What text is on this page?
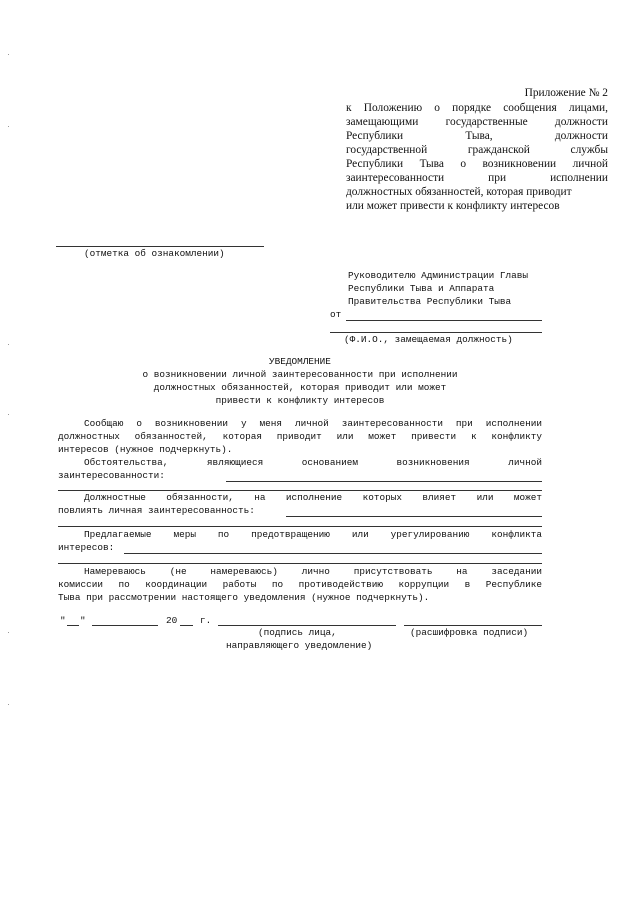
Приложение № 2
к Положению о порядке сообщения лицами,
замещающими государственные должности
Республики Тыва, должности
государственной гражданской службы
Республики Тыва о возникновении личной
заинтересованности при исполнении
должностных обязанностей, которая приводит
или может привести к конфликту интересов
(отметка об ознакомлении)
Руководителю Администрации Главы
Республики Тыва и Аппарата
Правительства Республики Тыва
от
(Ф.И.О., замещаемая должность)
УВЕДОМЛЕНИЕ
о возникновении личной заинтересованности при исполнении
должностных обязанностей, которая приводит или может
привести к конфликту интересов
Сообщаю о возникновении у меня личной заинтересованности при исполнении
должностных обязанностей, которая приводит или может привести к конфликту
интересов (нужное подчеркнуть).
Обстоятельства, являющиеся основанием возникновения личной
заинтересованности:
Должностные обязанности, на исполнение которых влияет или может
повлиять личная заинтересованность:
Предлагаемые меры по предотвращению или урегулированию конфликта
интересов:
Намереваюсь (не намереваюсь) лично присутствовать на заседании
комиссии по координации работы по противодействию коррупции в Республике
Тыва при рассмотрении настоящего уведомления (нужное подчеркнуть).
" "	20 г.
(подпись лица,
направляющего уведомление)
(расшифровка подписи)
